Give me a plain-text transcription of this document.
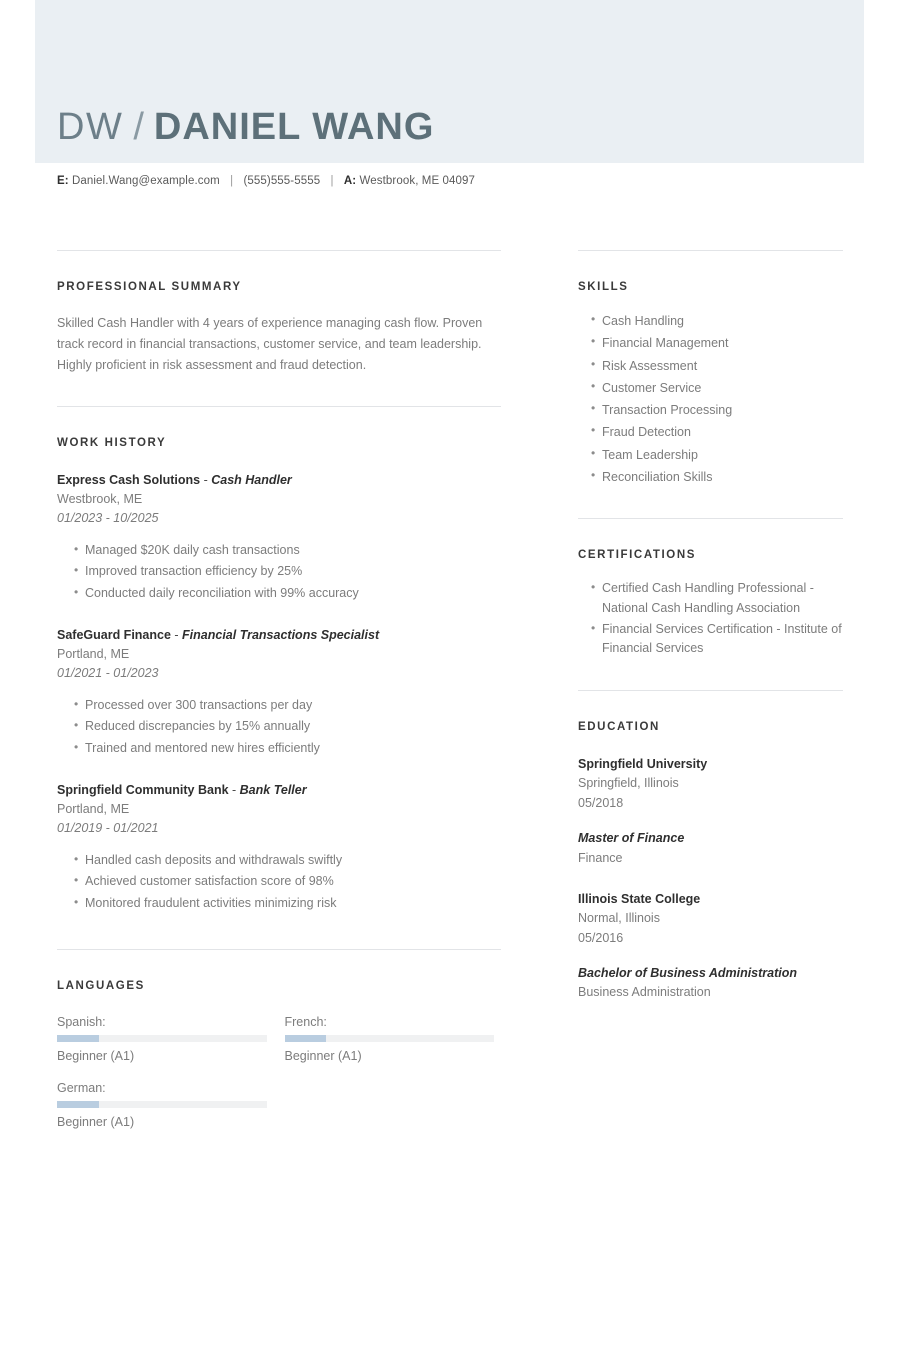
DW / DANIEL WANG
E: Daniel.Wang@example.com | (555)555-5555 | A: Westbrook, ME 04097
PROFESSIONAL SUMMARY
Skilled Cash Handler with 4 years of experience managing cash flow. Proven track record in financial transactions, customer service, and team leadership. Highly proficient in risk assessment and fraud detection.
WORK HISTORY
Express Cash Solutions - Cash Handler
Westbrook, ME
01/2023 - 10/2025
• Managed $20K daily cash transactions
• Improved transaction efficiency by 25%
• Conducted daily reconciliation with 99% accuracy
SafeGuard Finance - Financial Transactions Specialist
Portland, ME
01/2021 - 01/2023
• Processed over 300 transactions per day
• Reduced discrepancies by 15% annually
• Trained and mentored new hires efficiently
Springfield Community Bank - Bank Teller
Portland, ME
01/2019 - 01/2021
• Handled cash deposits and withdrawals swiftly
• Achieved customer satisfaction score of 98%
• Monitored fraudulent activities minimizing risk
LANGUAGES
Spanish:
Beginner (A1)
French:
Beginner (A1)
German:
Beginner (A1)
SKILLS
• Cash Handling
• Financial Management
• Risk Assessment
• Customer Service
• Transaction Processing
• Fraud Detection
• Team Leadership
• Reconciliation Skills
CERTIFICATIONS
• Certified Cash Handling Professional - National Cash Handling Association
• Financial Services Certification - Institute of Financial Services
EDUCATION
Springfield University
Springfield, Illinois
05/2018
Master of Finance
Finance
Illinois State College
Normal, Illinois
05/2016
Bachelor of Business Administration
Business Administration
